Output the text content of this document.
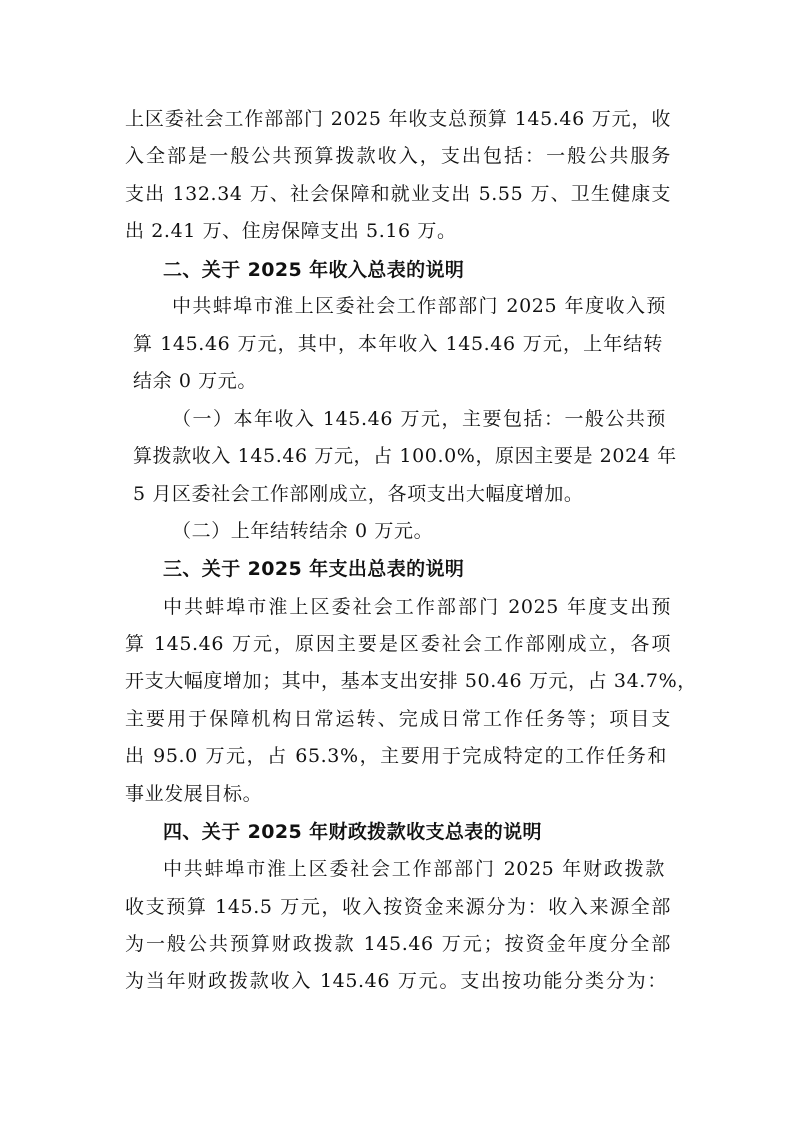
上区委社会工作部部门 2025 年收支总预算 145.46 万元，收
入全部是一般公共预算拨款收入，支出包括：一般公共服务
支出 132.34 万、社会保障和就业支出 5.55 万、卫生健康支
出 2.41 万、住房保障支出 5.16 万。
二、关于 2025 年收入总表的说明
中共蚌埠市淮上区委社会工作部部门 2025 年度收入预
算 145.46 万元，其中，本年收入 145.46 万元，上年结转
结余 0 万元。
（一）本年收入 145.46 万元，主要包括：一般公共预
算拨款收入 145.46 万元，占 100.0%，原因主要是 2024 年
5 月区委社会工作部刚成立，各项支出大幅度增加。
（二）上年结转结余 0 万元。
三、关于 2025 年支出总表的说明
中共蚌埠市淮上区委社会工作部部门 2025 年度支出预
算 145.46 万元，原因主要是区委社会工作部刚成立，各项
开支大幅度增加；其中，基本支出安排 50.46 万元，占 34.7%，
主要用于保障机构日常运转、完成日常工作任务等；项目支
出 95.0 万元，占 65.3%，主要用于完成特定的工作任务和
事业发展目标。
四、关于 2025 年财政拨款收支总表的说明
中共蚌埠市淮上区委社会工作部部门 2025 年财政拨款
收支预算 145.5 万元，收入按资金来源分为：收入来源全部
为一般公共预算财政拨款 145.46 万元；按资金年度分全部
为当年财政拨款收入 145.46 万元。支出按功能分类分为：
